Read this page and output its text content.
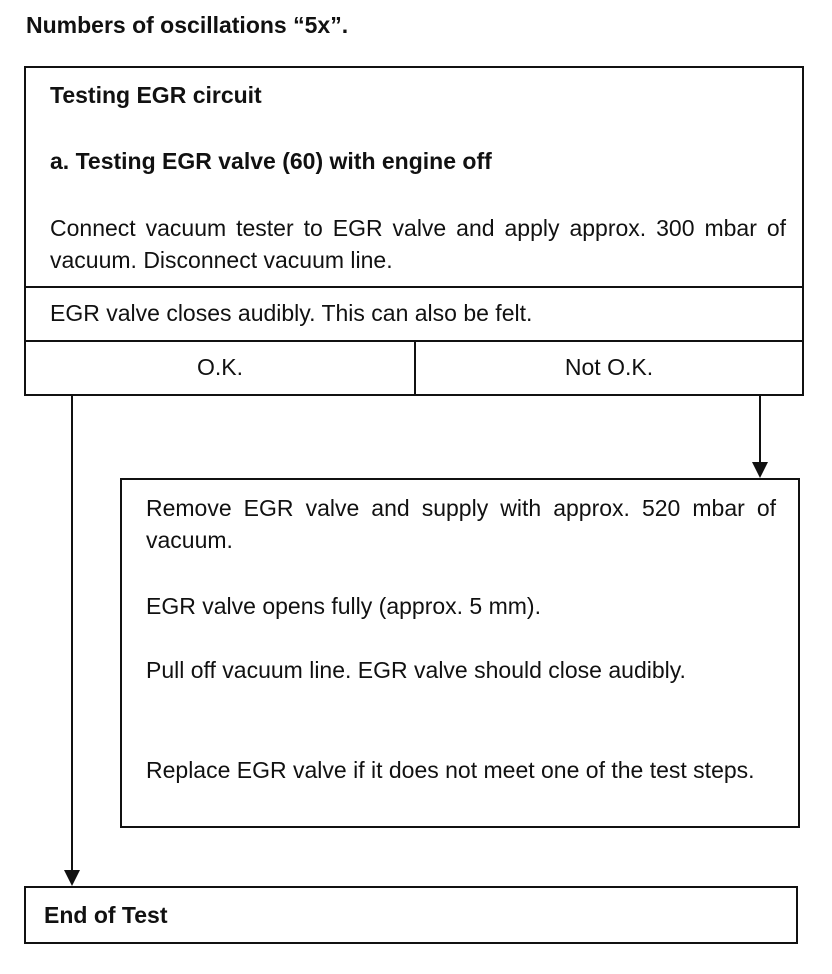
Numbers of oscillations “5x”.
Testing EGR circuit
a. Testing EGR valve (60) with engine off
Connect vacuum tester to EGR valve and apply approx. 300 mbar of vacuum. Disconnect vacuum line.
EGR valve closes audibly. This can also be felt.
O.K.	Not O.K.
Remove EGR valve and supply with approx. 520 mbar of vacuum.
EGR valve opens fully (approx. 5 mm).
Pull off vacuum line. EGR valve should close audibly.
Replace EGR valve if it does not meet one of the test steps.
End of Test
